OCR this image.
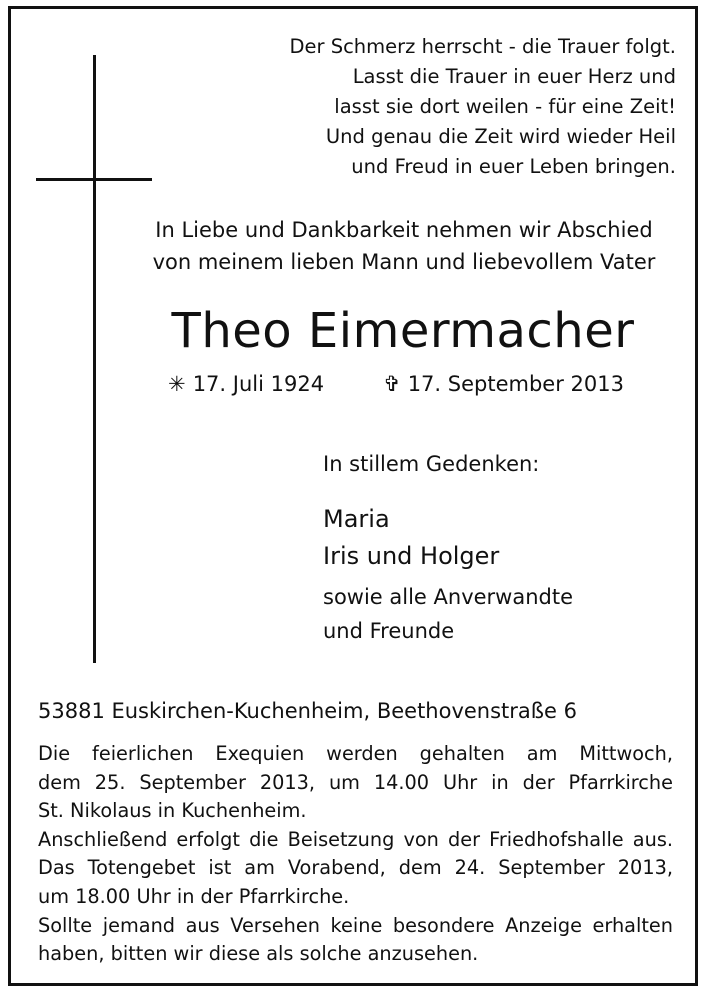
Der Schmerz herrscht - die Trauer folgt.
Lasst die Trauer in euer Herz und
lasst sie dort weilen - für eine Zeit!
Und genau die Zeit wird wieder Heil
und Freud in euer Leben bringen.
In Liebe und Dankbarkeit nehmen wir Abschied
von meinem lieben Mann und liebevollem Vater
Theo Eimermacher
✳ 17. Juli 1924	✞ 17. September 2013
In stillem Gedenken:
Maria
Iris und Holger
sowie alle Anverwandte
und Freunde
53881 Euskirchen-Kuchenheim, Beethovenstraße 6
Die feierlichen Exequien werden gehalten am Mittwoch,
dem 25. September 2013, um 14.00 Uhr in der Pfarrkirche
St. Nikolaus in Kuchenheim.
Anschließend erfolgt die Beisetzung von der Friedhofshalle aus.
Das Totengebet ist am Vorabend, dem 24. September 2013,
um 18.00 Uhr in der Pfarrkirche.
Sollte jemand aus Versehen keine besondere Anzeige erhalten
haben, bitten wir diese als solche anzusehen.
